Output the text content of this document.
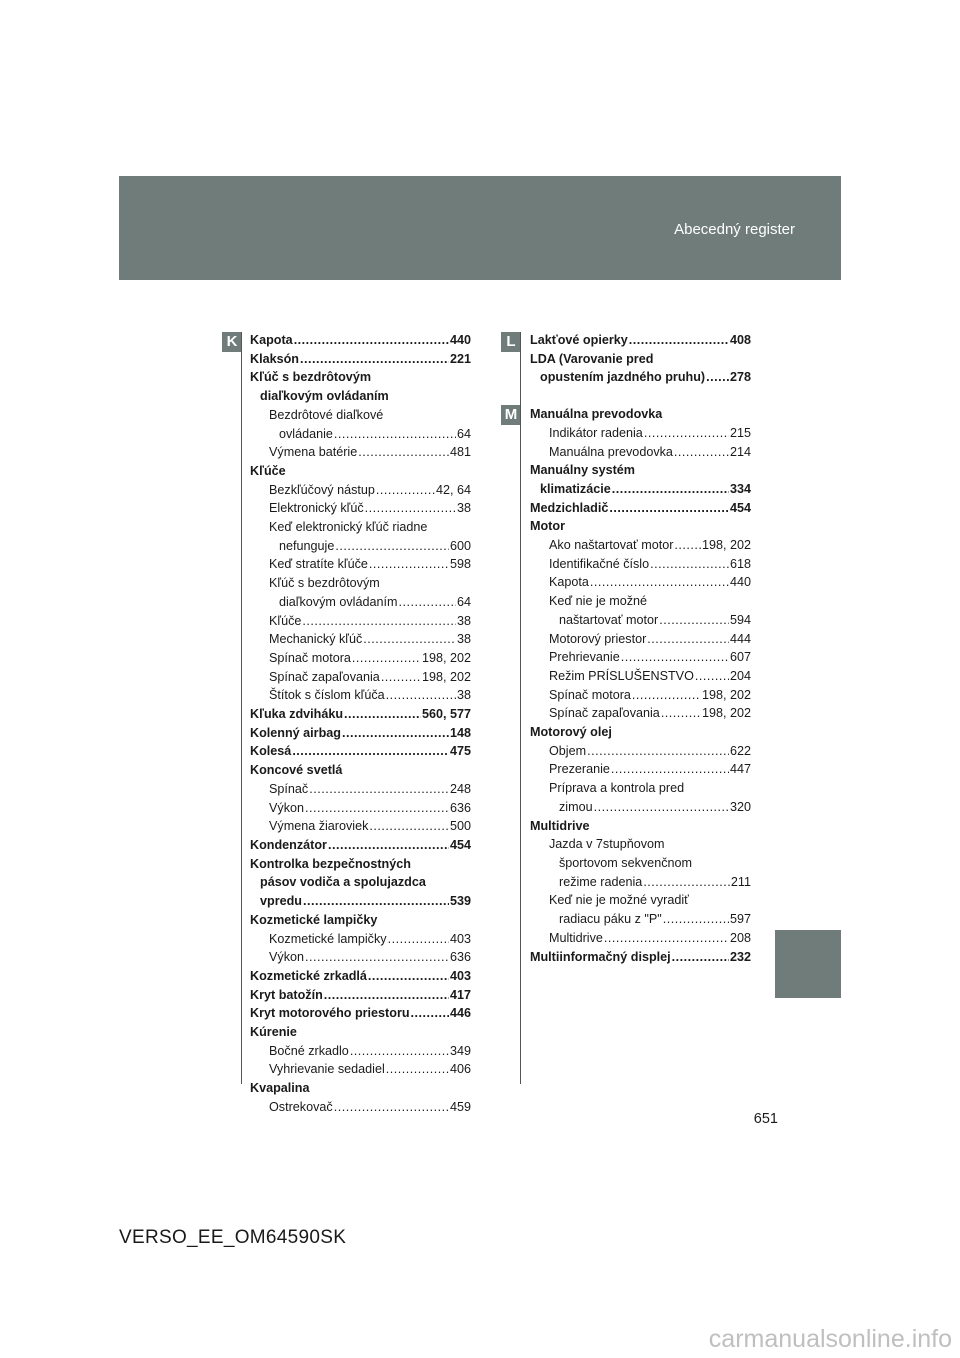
Abecedný register
K Kapota .....	440
Klaksón .....	221
Kľúč s bezdrôtovým
diaľkovým ovládaním
Bezdrôtové diaľkové
ovládanie .....	64
Výmena batérie .....	481
Kľúče
Bezkľúčový nástup .....	42, 64
Elektronický kľúč .....	38
Keď elektronický kľúč riadne
nefunguje .....	600
Keď stratíte kľúče .....	598
Kľúč s bezdrôtovým
diaľkovým ovládaním .....	64
Kľúče .....	38
Mechanický kľúč .....	38
Spínač motora .....	198, 202
Spínač zapaľovania .....	198, 202
Štítok s číslom kľúča .....	38
Kľuka zdviháku .....	560, 577
Kolenný airbag .....	148
Kolesá .....	475
Koncové svetlá
Spínač .....	248
Výkon .....	636
Výmena žiaroviek .....	500
Kondenzátor .....	454
Kontrolka bezpečnostných
pásov vodiča a spolujazdca
vpredu .....	539
Kozmetické lampičky
Kozmetické lampičky .....	403
Výkon .....	636
Kozmetické zrkadlá .....	403
Kryt batožín .....	417
Kryt motorového priestoru .....	446
Kúrenie
Bočné zrkadlo .....	349
Vyhrievanie sedadiel .....	406
Kvapalina
Ostrekovač .....	459
L
M
Lakťové opierky .....	408
LDA (Varovanie pred
opustením jazdného pruhu) ..... 278
Manuálna prevodovka
Indikátor radenia .....	215
Manuálna prevodovka .....	214
Manuálny systém
klimatizácie .....	334
Medzichladič .....	454
Motor
Ako naštartovať motor ..... 198, 202
Identifikačné číslo .....	618
Kapota .....	440
Keď nie je možné
naštartovať motor .....	594
Motorový priestor .....	444
Prehrievanie .....	607
Režim PRÍSLUŠENSTVO .....	204
Spínač motora .....	198, 202
Spínač zapaľovania .....	198, 202
Motorový olej
Objem .....	622
Prezeranie .....	447
Príprava a kontrola pred
zimou .....	320
Multidrive
Jazda v 7stupňovom
športovom sekvenčnom
režime radenia .....	211
Keď nie je možné vyradiť
radiacu páku z "P" .....	597
Multidrive .....	208
Multiinformačný displej .....	232
651
VERSO_EE_OM64590SK
carmanualsonline.info
